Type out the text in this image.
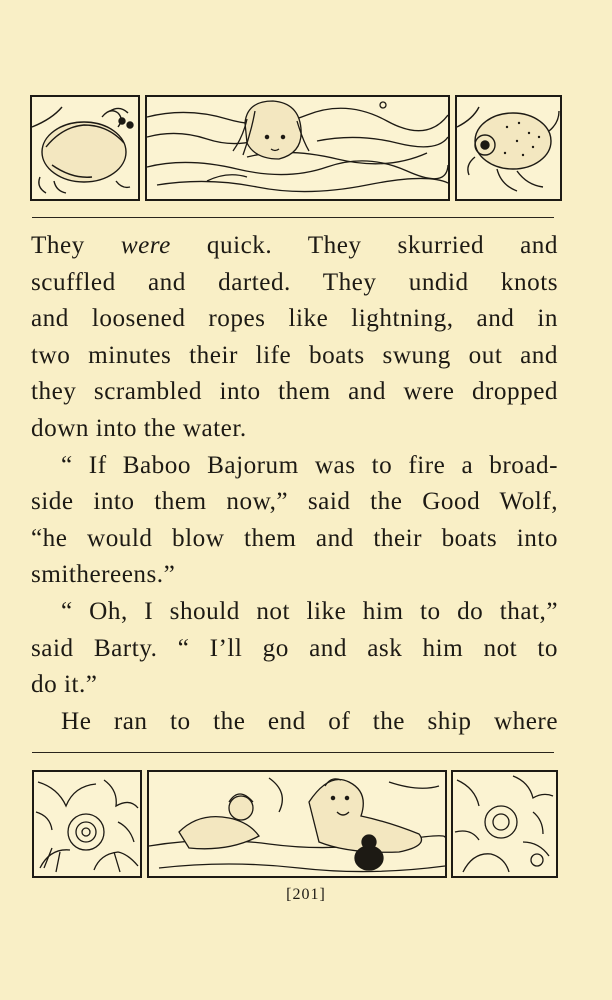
They were quick. They skurried and
scuffled and darted. They undid knots
and loosened ropes like lightning, and in
two minutes their life boats swung out and
they scrambled into them and were dropped
down into the water.
“ If Baboo Bajorum was to fire a broad-
side into them now,” said the Good Wolf,
“he would blow them and their boats into
smithereens.”
“ Oh, I should not like him to do that,”
said Barty. “ I’ll go and ask him not to
do it.”
He ran to the end of the ship where
[201]
